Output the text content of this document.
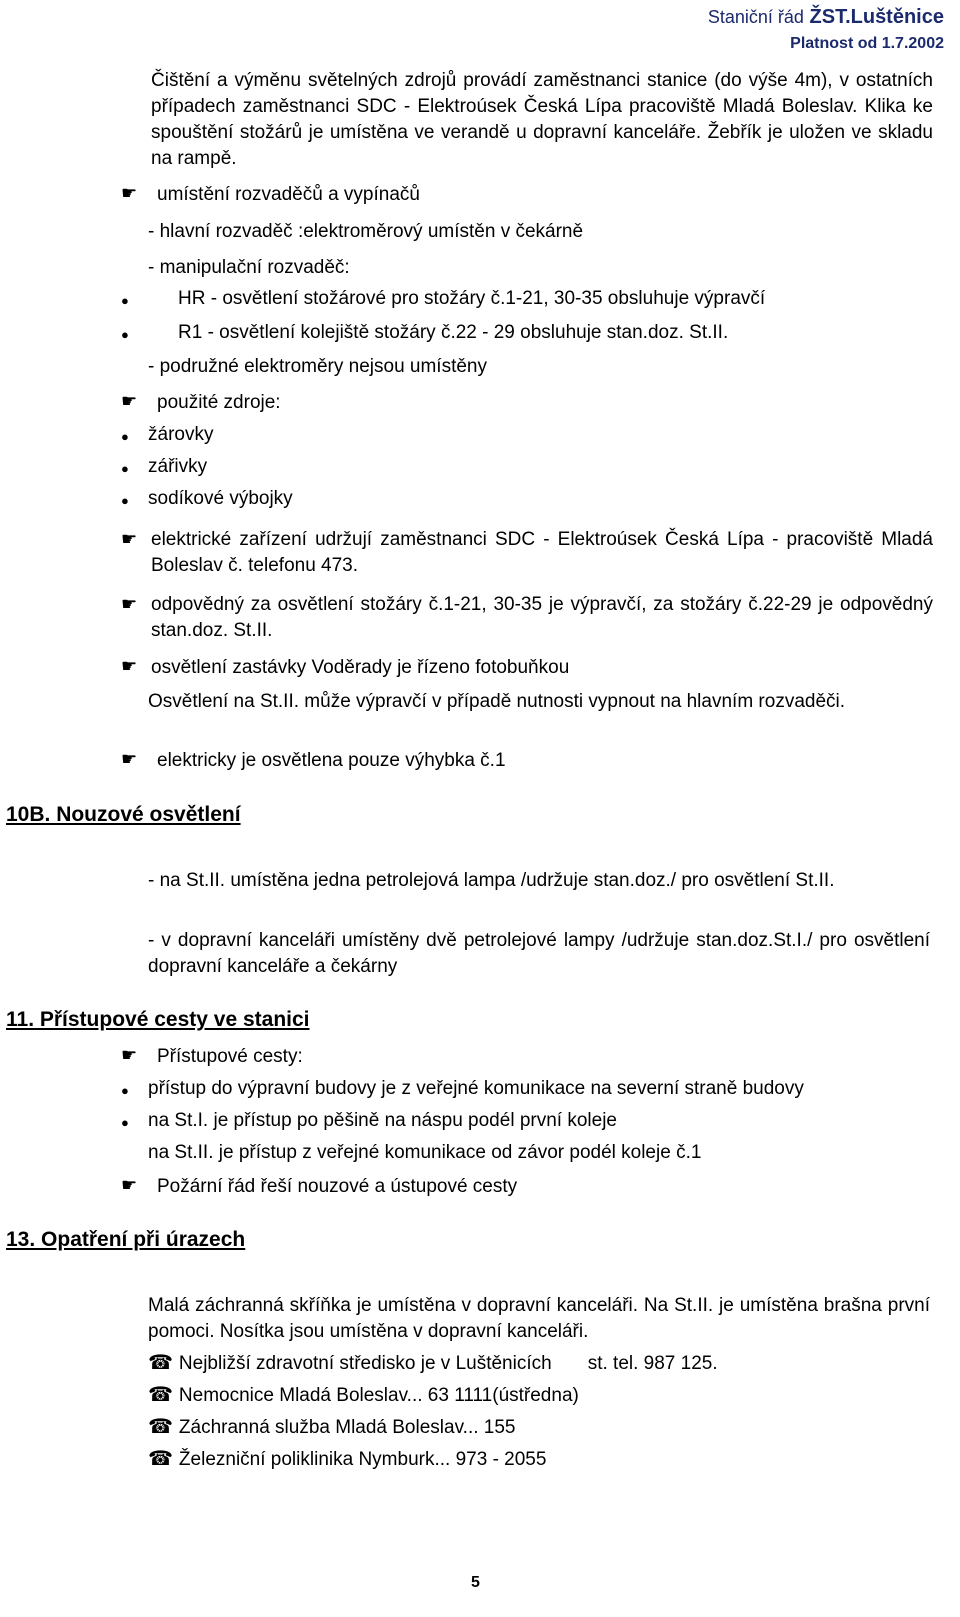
Staniční řád ŽST.Luštěnice
Platnost od 1.7.2002

Čištění a výměnu světelných zdrojů provádí zaměstnanci stanice (do výše 4m), v ostatních případech zaměstnanci SDC - Elektroúsek Česká Lípa pracoviště Mladá Boleslav. Klika ke spouštění stožárů je umístěna ve verandě u dopravní kanceláře. Žebřík je uložen ve skladu na rampě.

☛ umístění rozvaděčů a vypínačů
- hlavní rozvaděč :elektroměrový umístěn v čekárně
- manipulační rozvaděč:
●	HR - osvětlení stožárové pro stožáry č.1-21, 30-35 obsluhuje výpravčí
●	R1 - osvětlení kolejiště stožáry č.22 - 29 obsluhuje stan.doz. St.II.
- podružné elektroměry nejsou umístěny
☛ použité zdroje:
● žárovky
● zářivky
● sodíkové výbojky
☛ elektrické zařízení udržují zaměstnanci SDC - Elektroúsek Česká Lípa - pracoviště Mladá Boleslav č. telefonu 473.

☛ odpovědný za osvětlení stožáry č.1-21, 30-35 je výpravčí, za stožáry č.22-29 je odpovědný stan.doz. St.II.

☛ osvětlení zastávky Voděrady je řízeno fotobuňkou

Osvětlení na St.II. může výpravčí v případě nutnosti vypnout na hlavním rozvaděči.

☛ elektricky je osvětlena pouze výhybka č.1
10B. Nouzové osvětlení

- na St.II. umístěna jedna petrolejová lampa /udržuje stan.doz./ pro osvětlení St.II.

- v dopravní kanceláři umístěny dvě petrolejové lampy /udržuje stan.doz.St.I./ pro osvětlení dopravní kanceláře a čekárny

11. Přístupové cesty ve stanici
☛ Přístupové cesty:
● přístup do výpravní budovy je z veřejné komunikace na severní straně budovy
● na St.I. je přístup po pěšině na náspu podél první koleje
na St.II. je přístup z veřejné komunikace od závor podél koleje č.1
☛ Požární řád řeší nouzové a ústupové cesty
13. Opatření při úrazech

Malá záchranná skříňka je umístěna v dopravní kanceláři. Na St.II. je umístěna brašna první pomoci. Nosítka jsou umístěna v dopravní kanceláři.

☎ Nejbližší zdravotní středisko je v Luštěnicích st. tel. 987 125.
☎ Nemocnice Mladá Boleslav... 63 1111(ústředna)
☎ Záchranná služba Mladá Boleslav... 155
☎ Železniční poliklinika Nymburk... 973 - 2055
5
